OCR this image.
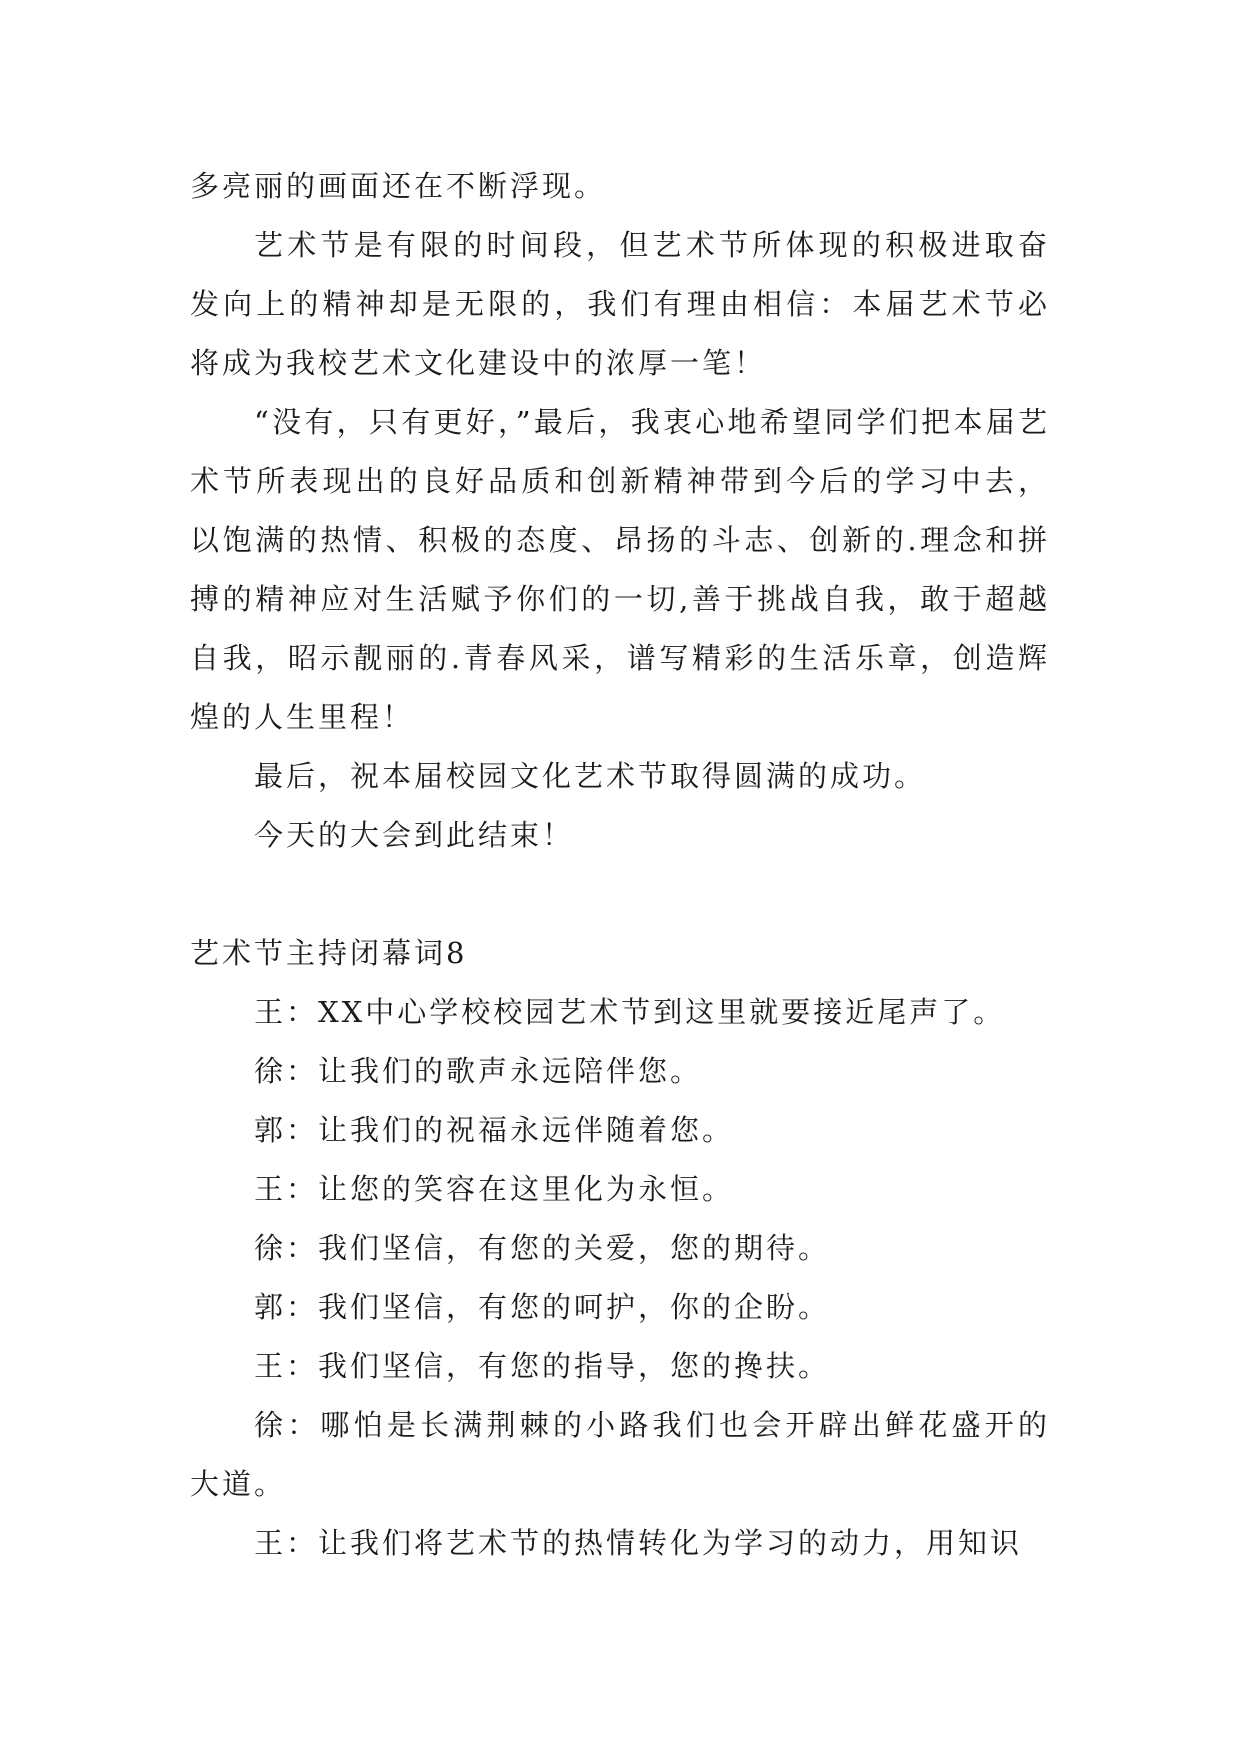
多亮丽的画面还在不断浮现。

艺术节是有限的时间段，但艺术节所体现的积极进取奋发向上的精神却是无限的，我们有理由相信：本届艺术节必将成为我校艺术文化建设中的浓厚一笔！

“没有，只有更好，”最后，我衷心地希望同学们把本届艺术节所表现出的良好品质和创新精神带到今后的学习中去，以饱满的热情、积极的态度、昂扬的斗志、创新的.理念和拼搏的精神应对生活赋予你们的一切,善于挑战自我，敢于超越自我，昭示靓丽的.青春风采，谱写精彩的生活乐章，创造辉煌的人生里程！

最后，祝本届校园文化艺术节取得圆满的成功。

今天的大会到此结束！

艺术节主持闭幕词8

王：XX中心学校校园艺术节到这里就要接近尾声了。

徐：让我们的歌声永远陪伴您。

郭：让我们的祝福永远伴随着您。

王：让您的笑容在这里化为永恒。

徐：我们坚信，有您的关爱，您的期待。

郭：我们坚信，有您的呵护，你的企盼。

王：我们坚信，有您的指导，您的搀扶。

徐：哪怕是长满荆棘的小路我们也会开辟出鲜花盛开的大道。

王：让我们将艺术节的热情转化为学习的动力，用知识
